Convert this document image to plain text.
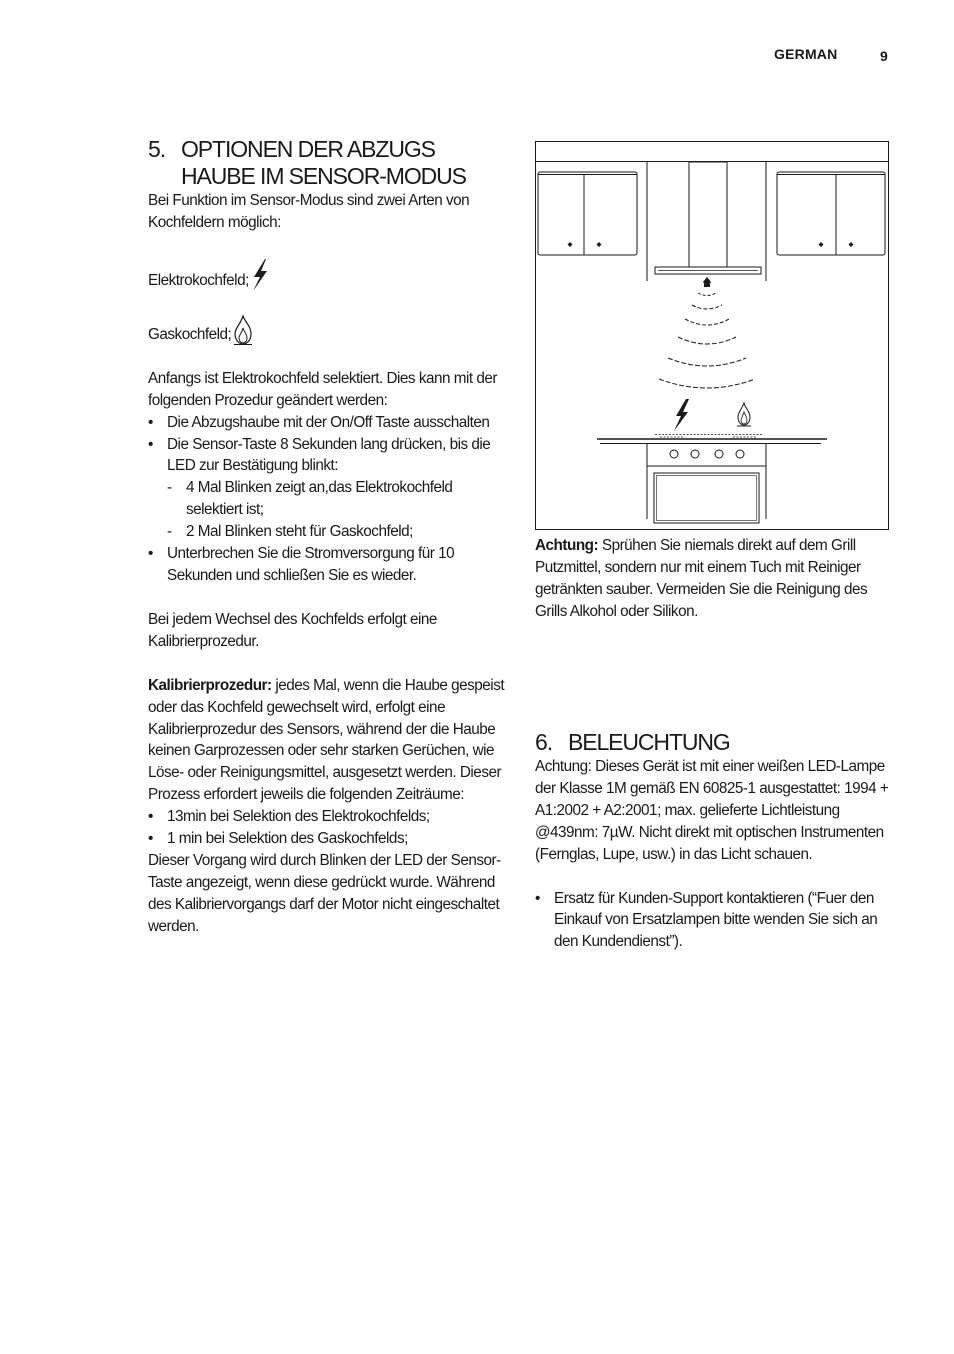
GERMAN	9
5. OPTIONEN DER ABZUGS
HAUBE IM SENSOR-MODUS

Bei Funktion im Sensor-Modus sind zwei Arten von Kochfeldern möglich:

Elektrokochfeld;
Gaskochfeld;

Anfangs ist Elektrokochfeld selektiert. Dies kann mit der folgenden Prozedur geändert werden:

• Die Abzugshaube mit der On/Off Taste ausschalten
• Die Sensor-Taste 8 Sekunden lang drücken, bis die LED zur Bestätigung blinkt:
- 4 Mal Blinken zeigt an,das Elektrokochfeld selektiert ist;
- 2 Mal Blinken steht für Gaskochfeld;
• Unterbrechen Sie die Stromversorgung für 10 Sekunden und schließen Sie es wieder.

Bei jedem Wechsel des Kochfelds erfolgt eine Kalibrierprozedur.

Kalibrierprozedur: jedes Mal, wenn die Haube gespeist oder das Kochfeld gewechselt wird, erfolgt eine Kalibrierprozedur des Sensors, während der die Haube keinen Garprozessen oder sehr starken Gerüchen, wie Löse- oder Reinigungsmittel, ausgesetzt werden. Dieser Prozess erfordert jeweils die folgenden Zeiträume:

• 13min bei Selektion des Elektrokochfelds;
• 1 min bei Selektion des Gaskochfelds;

Dieser Vorgang wird durch Blinken der LED der Sensor-Taste angezeigt, wenn diese gedrückt wurde. Während des Kalibriervorgangs darf der Motor nicht eingeschaltet werden.

Achtung: Sprühen Sie niemals direkt auf dem Grill Putzmittel, sondern nur mit einem Tuch mit Reiniger getränkten sauber. Vermeiden Sie die Reinigung des Grills Alkohol oder Silikon.

6. BELEUCHTUNG

Achtung: Dieses Gerät ist mit einer weißen LED-Lampe der Klasse 1M gemäß EN 60825-1 ausgestattet: 1994 + A1:2002 + A2:2001; max. gelieferte Lichtleistung @439nm: 7µW. Nicht direkt mit optischen Instrumenten (Fernglas, Lupe, usw.) in das Licht schauen.

• Ersatz für Kunden-Support kontaktieren (“Fuer den Einkauf von Ersatzlampen bitte wenden Sie sich an den Kundendienst”).
